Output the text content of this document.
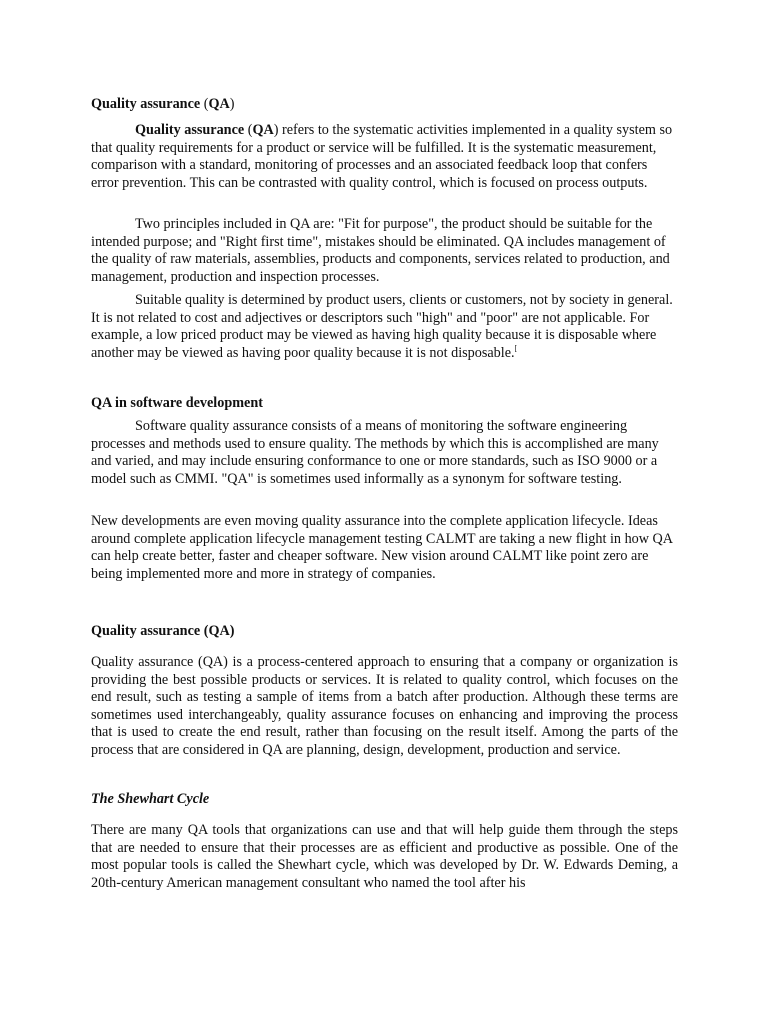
Quality assurance (QA)

Quality assurance (QA) refers to the systematic activities implemented in a quality system so that quality requirements for a product or service will be fulfilled. It is the systematic measurement, comparison with a standard, monitoring of processes and an associated feedback loop that confers error prevention. This can be contrasted with quality control, which is focused on process outputs.

Two principles included in QA are: "Fit for purpose", the product should be suitable for the intended purpose; and "Right first time", mistakes should be eliminated. QA includes management of the quality of raw materials, assemblies, products and components, services related to production, and management, production and inspection processes.

Suitable quality is determined by product users, clients or customers, not by society in general. It is not related to cost and adjectives or descriptors such "high" and "poor" are not applicable. For example, a low priced product may be viewed as having high quality because it is disposable where another may be viewed as having poor quality because it is not disposable.[

QA in software development

Software quality assurance consists of a means of monitoring the software engineering processes and methods used to ensure quality. The methods by which this is accomplished are many and varied, and may include ensuring conformance to one or more standards, such as ISO 9000 or a model such as CMMI. "QA" is sometimes used informally as a synonym for software testing.

New developments are even moving quality assurance into the complete application lifecycle. Ideas around complete application lifecycle management testing CALMT are taking a new flight in how QA can help create better, faster and cheaper software. New vision around CALMT like point zero are being implemented more and more in strategy of companies.

Quality assurance (QA)

Quality assurance (QA) is a process-centered approach to ensuring that a company or organization is providing the best possible products or services. It is related to quality control, which focuses on the end result, such as testing a sample of items from a batch after production. Although these terms are sometimes used interchangeably, quality assurance focuses on enhancing and improving the process that is used to create the end result, rather than focusing on the result itself. Among the parts of the process that are considered in QA are planning, design, development, production and service.

The Shewhart Cycle

There are many QA tools that organizations can use and that will help guide them through the steps that are needed to ensure that their processes are as efficient and productive as possible. One of the most popular tools is called the Shewhart cycle, which was developed by Dr. W. Edwards Deming, a 20th-century American management consultant who named the tool after his
